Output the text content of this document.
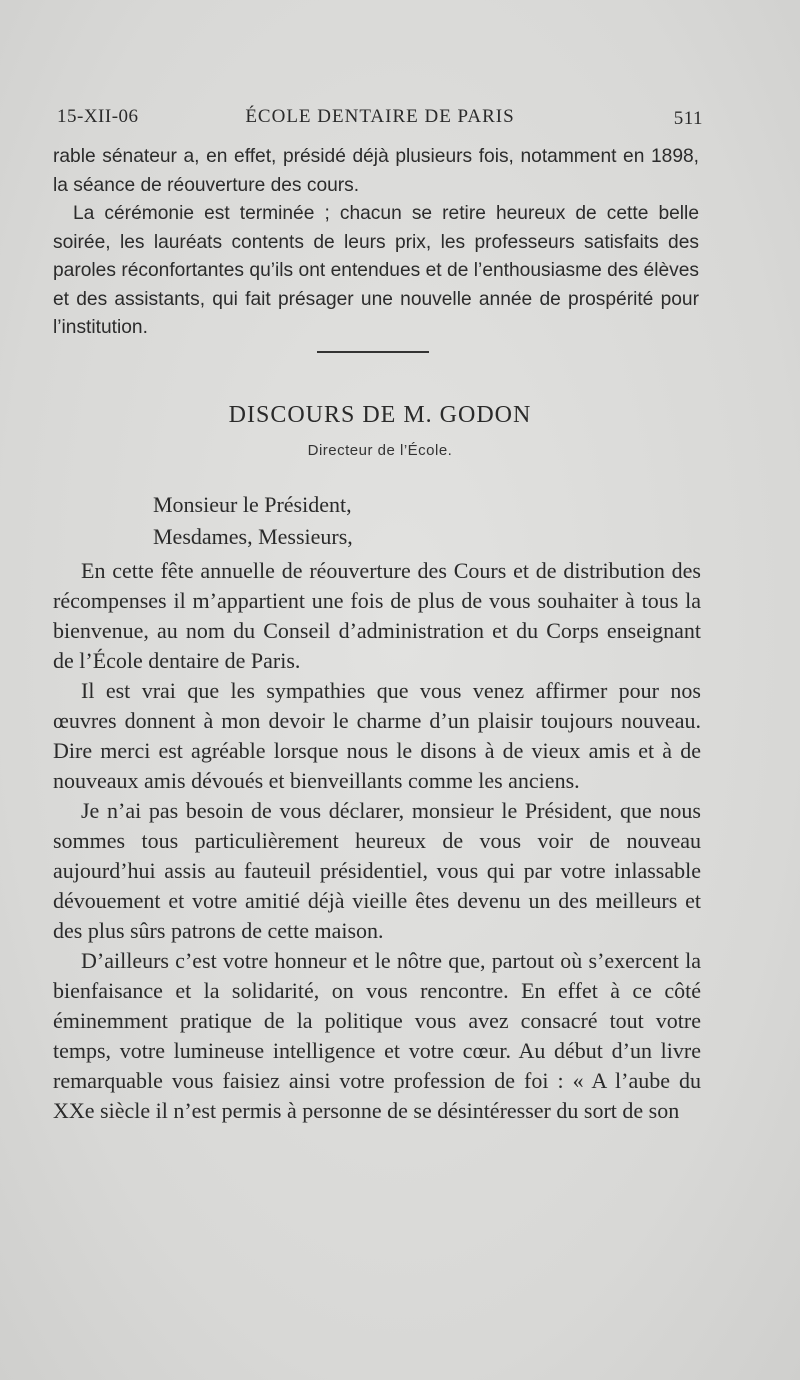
15-XII-06	ÉCOLE DENTAIRE DE PARIS	511

rable sénateur a, en effet, présidé déjà plusieurs fois, notamment en 1898, la séance de réouverture des cours.

La cérémonie est terminée ; chacun se retire heureux de cette belle soirée, les lauréats contents de leurs prix, les professeurs satisfaits des paroles réconfortantes qu’ils ont entendues et de l’enthousiasme des élèves et des assistants, qui fait présager une nouvelle année de prospérité pour l’institution.

DISCOURS DE M. GODON
Directeur de l’École.
Monsieur le Président,
Mesdames, Messieurs,

En cette fête annuelle de réouverture des Cours et de distribution des récompenses il m’appartient une fois de plus de vous souhaiter à tous la bienvenue, au nom du Conseil d’administration et du Corps enseignant de l’École dentaire de Paris.

Il est vrai que les sympathies que vous venez affirmer pour nos œuvres donnent à mon devoir le charme d’un plaisir toujours nouveau. Dire merci est agréable lorsque nous le disons à de vieux amis et à de nouveaux amis dévoués et bienveillants comme les anciens.

Je n’ai pas besoin de vous déclarer, monsieur le Président, que nous sommes tous particulièrement heureux de vous voir de nouveau aujourd’hui assis au fauteuil présidentiel, vous qui par votre inlassable dévouement et votre amitié déjà vieille êtes devenu un des meilleurs et des plus sûrs patrons de cette maison.

D’ailleurs c’est votre honneur et le nôtre que, partout où s’exercent la bienfaisance et la solidarité, on vous rencontre. En effet à ce côté éminemment pratique de la politique vous avez consacré tout votre temps, votre lumineuse intelligence et votre cœur. Au début d’un livre remarquable vous faisiez ainsi votre profession de foi : « A l’aube du XXe siècle il n’est permis à personne de se désintéresser du sort de son
